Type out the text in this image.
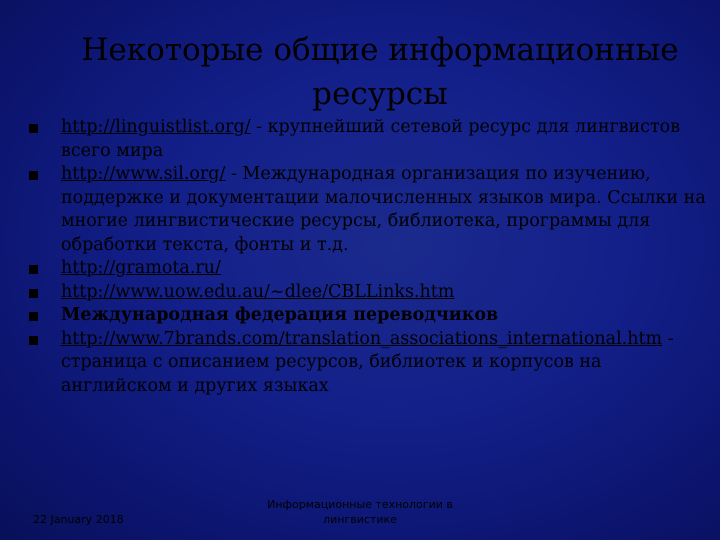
Некоторые общие информационные ресурсы
http://linguistlist.org/ - крупнейший сетевой ресурс для лингвистов всего мира
http://www.sil.org/ - Международная организация по изучению, поддержке и документации малочисленных языков мира. Ссылки на многие лингвистические ресурсы, библиотека, программы для обработки текста, фонты и т.д.
http://gramota.ru/
http://www.uow.edu.au/~dlee/CBLLinks.htm
Международная федерация переводчиков
http://www.7brands.com/translation_associations_international.htm - страница с описанием ресурсов, библиотек и корпусов на английском и других языках
22 January 2018
Информационные технологии в лингвистике
